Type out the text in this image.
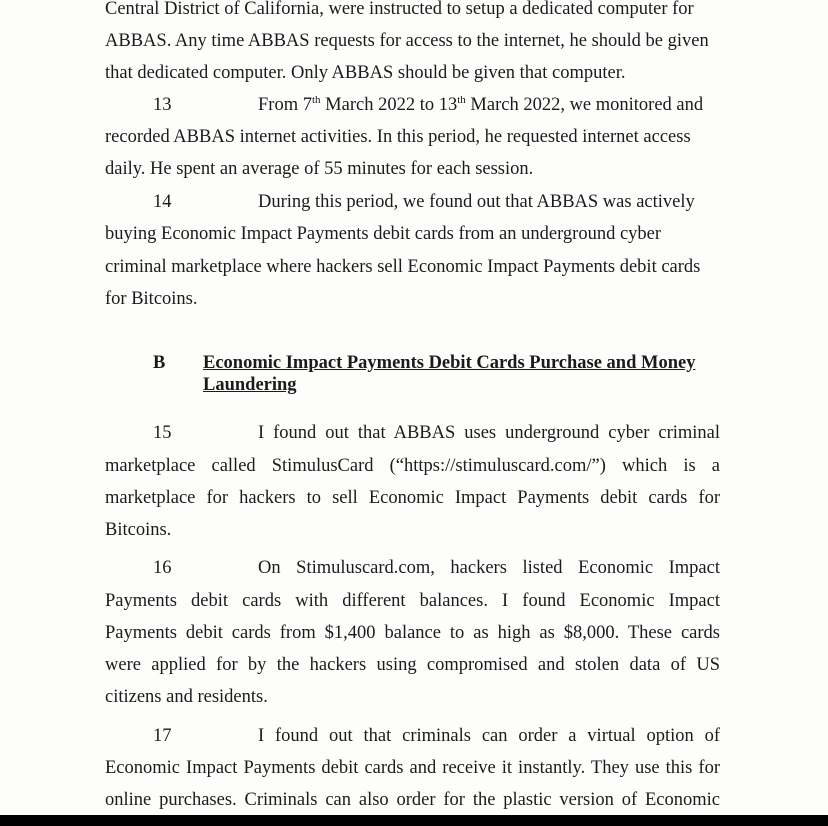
Central District of California, were instructed to setup a dedicated computer for
ABBAS. Any time ABBAS requests for access to the internet, he should be given
that dedicated computer. Only ABBAS should be given that computer.
13	From 7th March 2022 to 13th March 2022, we monitored and
recorded ABBAS internet activities. In this period, he requested internet access
daily. He spent an average of 55 minutes for each session.
14	During this period, we found out that ABBAS was actively
buying Economic Impact Payments debit cards from an underground cyber
criminal marketplace where hackers sell Economic Impact Payments debit cards
for Bitcoins.
B Economic Impact Payments Debit Cards Purchase and Money Laundering
15	I found out that ABBAS uses underground cyber criminal
marketplace called StimulusCard (“https://stimuluscard.com/”) which is a
marketplace for hackers to sell Economic Impact Payments debit cards for
Bitcoins.
16	On Stimuluscard.com, hackers listed Economic Impact
Payments debit cards with different balances. I found Economic Impact
Payments debit cards from $1,400 balance to as high as $8,000. These cards
were applied for by the hackers using compromised and stolen data of US
citizens and residents.
17	I found out that criminals can order a virtual option of
Economic Impact Payments debit cards and receive it instantly. They use this for
online purchases. Criminals can also order for the plastic version of Economic
